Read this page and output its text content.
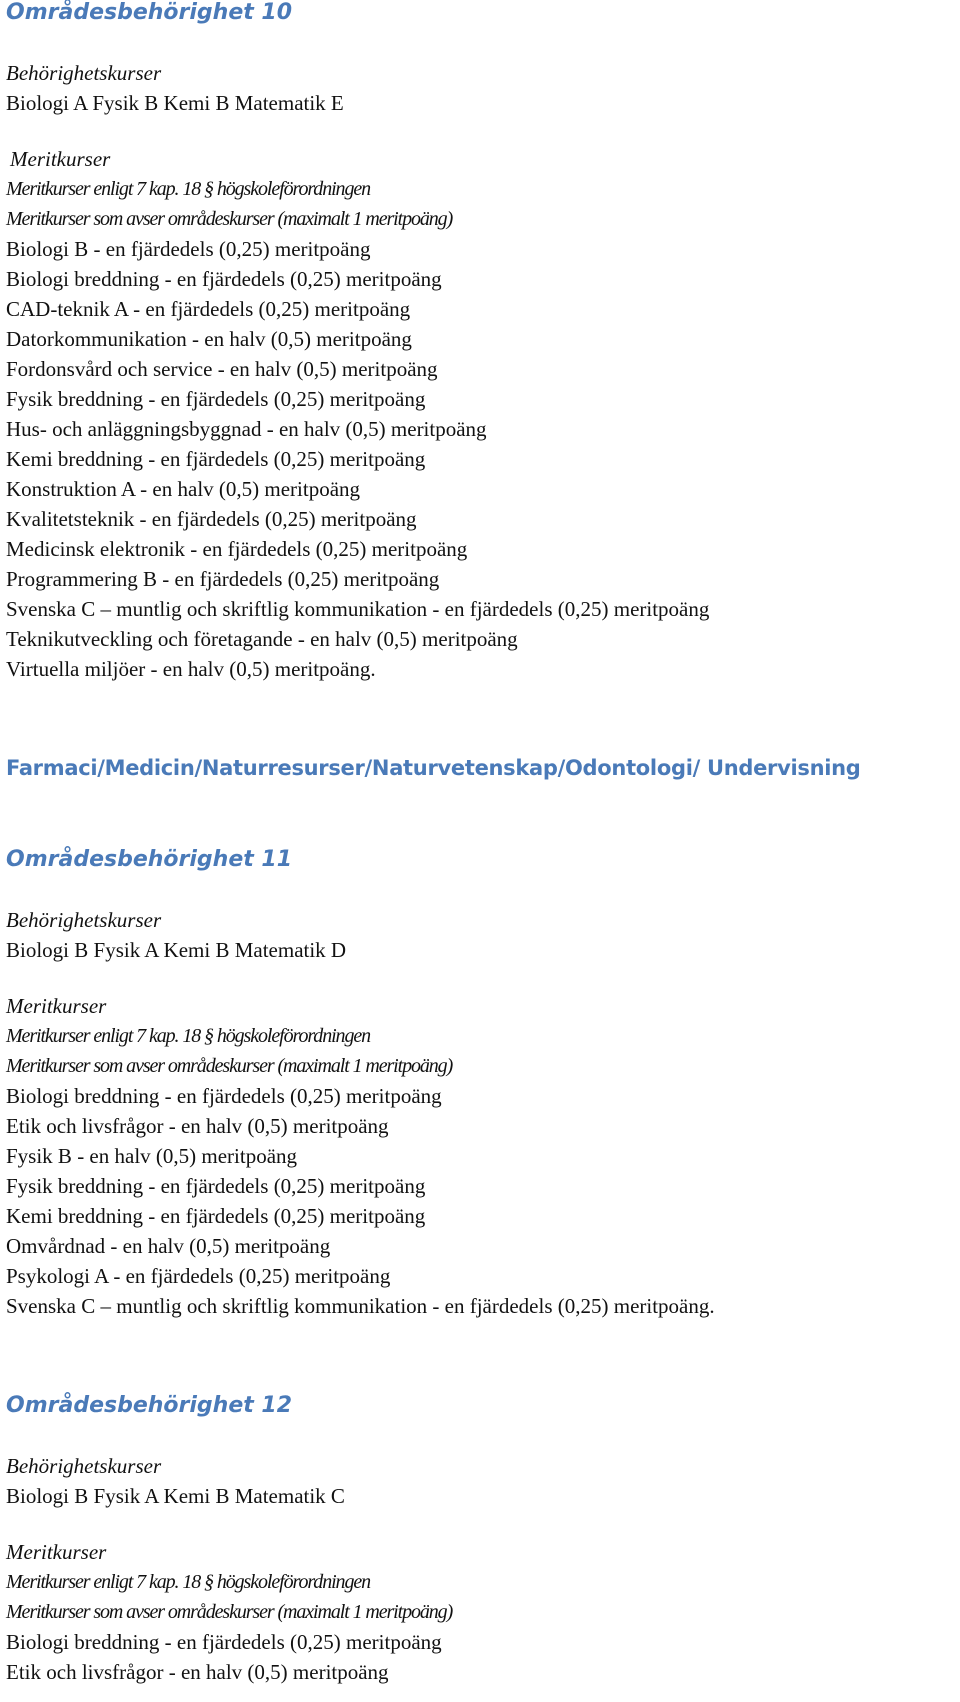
Områdesbehörighet 10

Behörighetskurser

Biologi A Fysik B Kemi B Matematik E

Meritkurser

Meritkurser enligt 7 kap. 18 § högskoleförordningen

Meritkurser som avser områdeskurser (maximalt 1 meritpoäng)

Biologi B - en fjärdedels (0,25) meritpoäng
Biologi breddning - en fjärdedels (0,25) meritpoäng
CAD-teknik A - en fjärdedels (0,25) meritpoäng
Datorkommunikation - en halv (0,5) meritpoäng
Fordonsvård och service - en halv (0,5) meritpoäng
Fysik breddning - en fjärdedels (0,25) meritpoäng
Hus- och anläggningsbyggnad - en halv (0,5) meritpoäng
Kemi breddning - en fjärdedels (0,25) meritpoäng
Konstruktion A - en halv (0,5) meritpoäng
Kvalitetsteknik - en fjärdedels (0,25) meritpoäng
Medicinsk elektronik - en fjärdedels (0,25) meritpoäng
Programmering B - en fjärdedels (0,25) meritpoäng
Svenska C – muntlig och skriftlig kommunikation - en fjärdedels (0,25) meritpoäng
Teknikutveckling och företagande - en halv (0,5) meritpoäng
Virtuella miljöer - en halv (0,5) meritpoäng.
Farmaci/Medicin/Naturresurser/Naturvetenskap/Odontologi/ Undervisning
Områdesbehörighet 11

Behörighetskurser

Biologi B Fysik A Kemi B Matematik D

Meritkurser

Meritkurser enligt 7 kap. 18 § högskoleförordningen

Meritkurser som avser områdeskurser (maximalt 1 meritpoäng)

Biologi breddning - en fjärdedels (0,25) meritpoäng
Etik och livsfrågor - en halv (0,5) meritpoäng
Fysik B - en halv (0,5) meritpoäng
Fysik breddning - en fjärdedels (0,25) meritpoäng
Kemi breddning - en fjärdedels (0,25) meritpoäng
Omvårdnad - en halv (0,5) meritpoäng
Psykologi A - en fjärdedels (0,25) meritpoäng
Svenska C – muntlig och skriftlig kommunikation - en fjärdedels (0,25) meritpoäng.
Områdesbehörighet 12

Behörighetskurser

Biologi B Fysik A Kemi B Matematik C

Meritkurser

Meritkurser enligt 7 kap. 18 § högskoleförordningen

Meritkurser som avser områdeskurser (maximalt 1 meritpoäng)

Biologi breddning - en fjärdedels (0,25) meritpoäng
Etik och livsfrågor - en halv (0,5) meritpoäng
